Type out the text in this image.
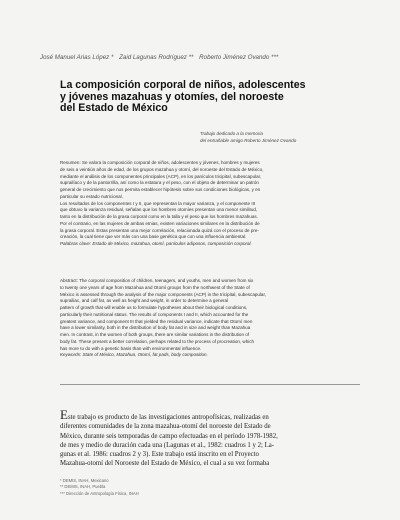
José Manuel Arias López * Zaid Lagunas Rodríguez ** Roberto Jiménez Ovando ***
La composición corporal de niños, adolescentes
y jóvenes mazahuas y otomíes, del noroeste
del Estado de México
Trabajo dedicado a la memoria
del entrañable amigo Roberto Jiménez Ovando
Resumen: Se valora la composición corporal de niños, adolescentes y jóvenes, hombres y mujeres
de seis a veintiún años de edad, de los grupos mazahua y otomí, del noroeste del Estado de México,
mediante el análisis de los componentes principales (ACP), en los panículos tricipital, subescapular,
suprailíaco y de la pantorrilla, así como la estatura y el peso, con el objeto de determinar un patrón
general de crecimiento que nos permita establecer hipótesis sobre sus condiciones biológicas, y en
particular su estado nutricional.
Los resultados de los componentes I y II, que representan la mayor varianza, y el componente III
que obtuvo la varianza residual, señalan que los hombres otomíes presentan una menor similitud,
tanto en la distribución de la grasa corporal como en la talla y el peso que los hombres mazahuas.
Por el contrario, en las mujeres de ambas etnias, existen variaciones similares en la distribución de
la grasa corporal. Estas presentan una mejor correlación, relacionada quizá con el proceso de pre-
creación, la cual tiene que ver más con una base genética que con una influencia ambiental.
Palabras clave: Estado de México, mazahua, otomí, panículos adiposos, composición corporal.
Abstract: The corporal composition of children, teenagers, and youths, men and women from six
to twenty one years of age from Mazahua and Otomí groups from the northwest of the State of
México is assessed through the analysis of the major components (ACP) in the tricipital, subescapular,
suprailiac, and calf fat, as well as height and weight, in order to determine a general
pattern of growth that will enable us to formulate hypotheses about their biological conditions,
particularly their nutritional status. The results of components I and II, which accounted for the
greatest variance, and component III that yielded the residual variance, indicate that Otomí men
have a lower similarity, both in the distribution of body fat and in size and weight than Mazahua
men. In contrast, in the women of both groups, there are similar variations in the distribution of
body fat. These present a better correlation, perhaps related to the process of procreation, which
has more to do with a genetic basis than with environmental influence.
Keywords: State of México, Mazahua, Otomí, fat pads, body composition.
Este trabajo es producto de las investigaciones antropofísicas, realizadas en
diferentes comunidades de la zona mazahua-otomí del noroeste del Estado de
México, durante seis temporadas de campo efectuadas en el período 1978-1982,
de mes y medio de duración cada una (Lagunas et al., 1982: cuadros 1 y 2; La-
gunas et al. 1986: cuadros 2 y 3). Este trabajo está inscrito en el Proyecto
Mazahua-otomí del Noroeste del Estado de México, el cual a su vez formaba
* DEMIS, INAH, Mexicano
** DEMIS, INAH, Puebla
*** Dirección de Antropología Física, INAH
